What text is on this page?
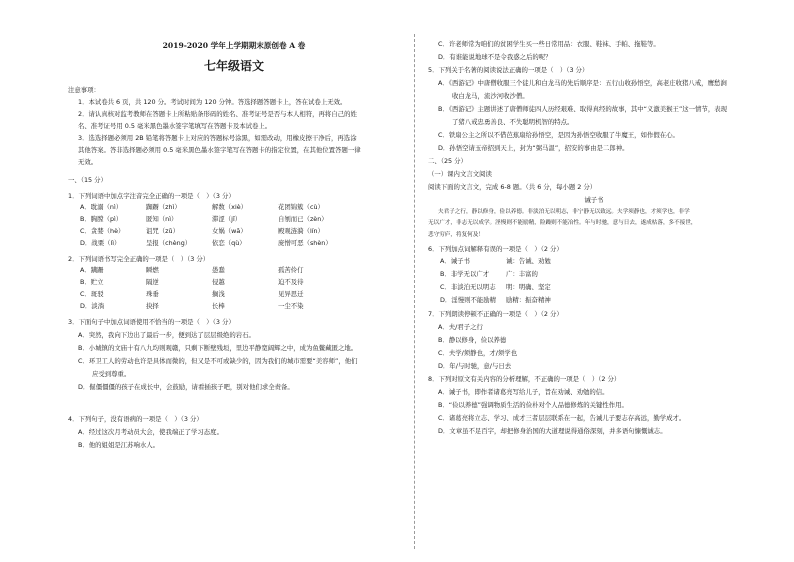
2019-2020 学年上学期期末原创卷 A 卷
七年级语文

注意事项：

1．本试卷共 6 页，共 120 分。考试时间为 120 分钟。答选择题答题卡上，答在试卷上无效。

2．请认真核对监考教师在答题卡上所粘贴条形码的姓名、准考证号是否与本人相符，再将自己的姓

名、准考证号用 0.5 毫米黑色墨水签字笔填写在答题卡及本试卷上。

3．选选择题必须用 2B 铅笔将答题卡上对应的答题标号涂黑，如需改动，用橡皮擦干净后，再选涂

其他答案。答非选择题必须用 0.5 毫米黑色墨水签字笔写在答题卡的指定位置，在其他位置答题一律

无效。

一、（15 分）

1．下列词语中加点字注音完全正确的一项是（　）（3 分）

A．耽溺（nì）	踟蹰（zhì）	解数（xiè）	花团锦簇（cù）
B．胸膛（pì）	匿知（nì）	滞涩（jǐ）	自刎而已（zèn）
C．贪婪（hè）	诅咒（zǔ）	女娲（wā）	殿观涟漪（lín）
D．战栗（lì）	呈报（chèng）	依恋（qù）	庞憎可恶（shèn）

2．下列词语书写完全正确的一项是（　）（3 分）

A．蹒跚	瞬燃	愚蠢	孤苦伶仃
B．贮立	隔逆	侵越	迫不及待
C．斑驳	珠垂	搁浅	见异思迁
D．淡淌	抉择	长棒	一尘不染

3．下面句子中加点词语使用不恰当的一项是（　）（3 分）

A．突然，我向下边出了最后一步，便到达了层层级绝的岩石。

B．小城镇的文庙十有八九均则观赣，只剩下断壁残垣，里边平静宽阔辉之中，成为鱼鳖藏匿之地。

C．环卫工人的劳动也许是具体而微的，但又是不可或缺少的，因为我们的城市需要“美容师”，他们

应受到尊重。

D．倔僵僵僵的孩子在成长中，会鼓励，请看插孩子吧，别对他们求全责备。

4．下列句子，没有语病的一项是（　）（3 分）

A．经过这次月考动员大会，使我端正了学习态度。

B．他的姐姐是江苏响水人。

C．许老师常为咱们的贫困学生买一些日常用品：衣服、鞋袜、手帕、拖鞋等。

D．有谁能说地球不是令我惑之后的呢？

5．下列关于名著的阅读说法正确的一项是（　）（3 分）

A．《西游记》中唐僧收服三个徒儿和白龙马的先后顺序是：五行山收孙悟空，高老庄收猪八戒，鹰愁涧

收白龙马，流沙河收沙僧。

B．《西游记》主题讲述了唐僧师徒四人历经艰难、取得真经的故事，其中“义激美猴王”这一情节，表现

了猪八戒忠勇善良、不失聪明机智的特点。

C．铁扇公主之所以不借芭蕉扇给孙悟空，是因为孙悟空收服了牛魔王，如作假在心。

D．孙悟空请玉帝招到天上，封为“弼马温”，招安的事由是二郎神。

二、（25 分）

（一）课内文言文阅读

阅读下面的文言文，完成 6-8 题。（共 6 分，每小题 2 分）

诫子书

夫君子之行，静以修身，俭以养德。非淡泊无以明志，非宁静无以致远。夫学须静也，才须学也，非学

无以广才，非志无以成学。淫慢则不能励精，险躁则不能冶性。年与时驰，意与日去，遂成枯落，多不接世，

悲守穷庐，将复何及！

6．下列加点词解释有误的一项是（　）（2 分）

A．诫子书	诫：告诫、劝勉
B．非学无以广才	广：丰富的
C．非淡泊无以明志	明：明确、坚定
D．淫慢则不能励精	励精：振奋精神

7．下列朗读停顿不正确的一项是（　）（2 分）

A．夫/君子之行

B．静以修身，俭以养德

C．夫学/须静也，才/须学也

D．年/与时驰，意/与日去

8．下列对原文有关内容的分析理解，不正确的一项是（　）（2 分）

A．诫子书，即作者诸葛亮写给儿子，旨在劝诫、劝勉的信。

B．“俭以养德”强调物质生活的俭朴对个人品德修炼的关键性作用。

C．诸葛亮将立志、学习、成才三者层层联系在一起，告诫儿子要志存高远，勤学成才。

D．文章虽不足百字，却把修身治国的大道理说得通俗深刻，并多语句慷慨诚志。
